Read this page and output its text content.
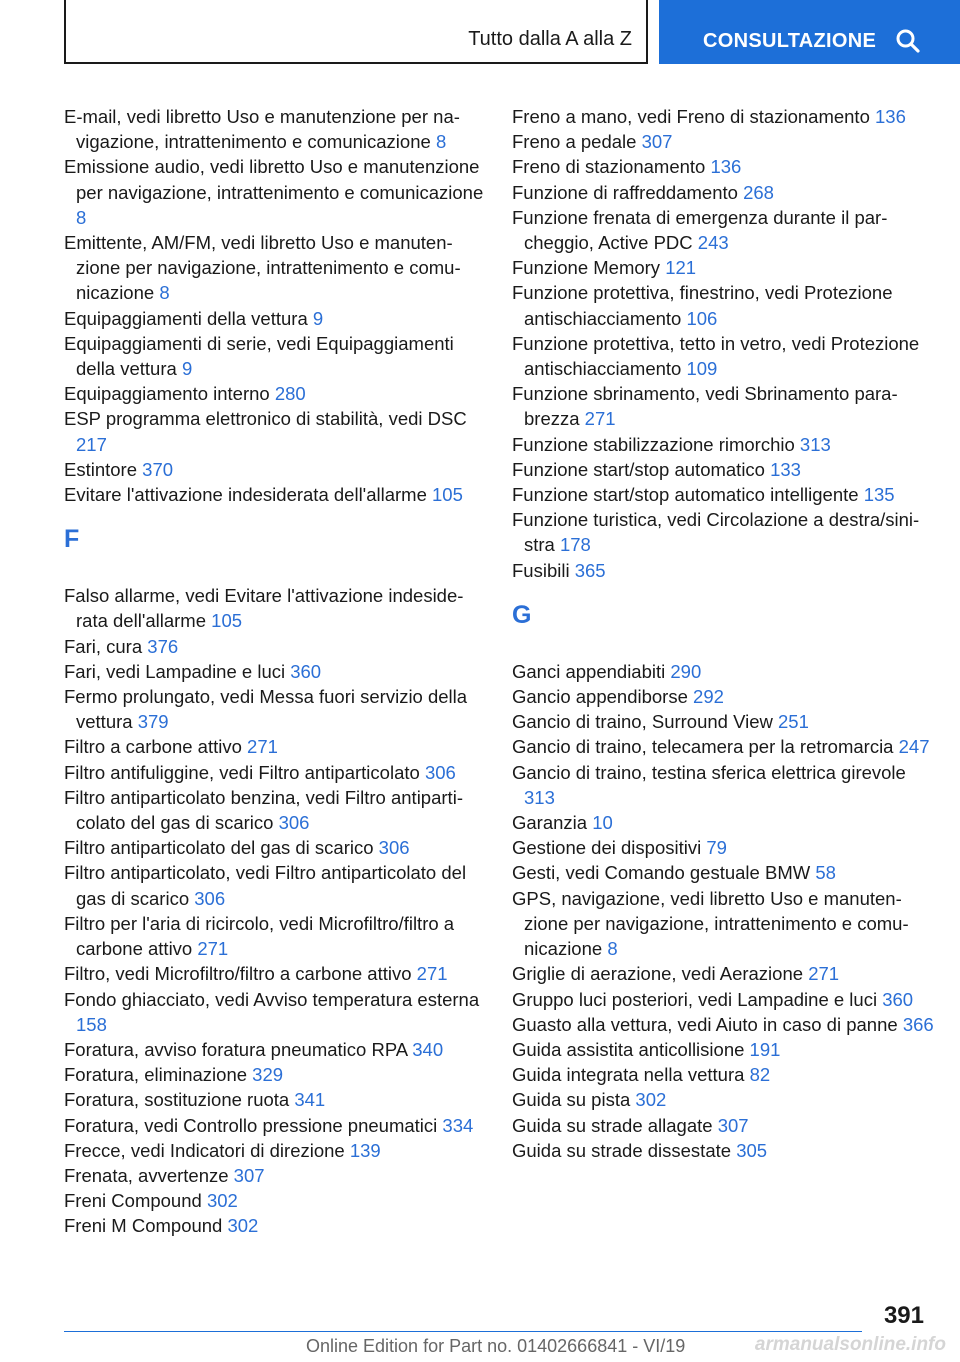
Tutto dalla A alla Z	CONSULTAZIONE

E-mail, vedi libretto Uso e manutenzione per navigazione, intrattenimento e comunicazione 8

Emissione audio, vedi libretto Uso e manutenzione per navigazione, intrattenimento e comunicazione 8

Emittente, AM/FM, vedi libretto Uso e manutenzione per navigazione, intrattenimento e comunicazione 8

Equipaggiamenti della vettura 9

Equipaggiamenti di serie, vedi Equipaggiamenti della vettura 9

Equipaggiamento interno 280

ESP programma elettronico di stabilità, vedi DSC 217

Estintore 370

Evitare l'attivazione indesiderata dell'allarme 105

F

Falso allarme, vedi Evitare l'attivazione indesiderata dell'allarme 105

Fari, cura 376

Fari, vedi Lampadine e luci 360

Fermo prolungato, vedi Messa fuori servizio della vettura 379

Filtro a carbone attivo 271

Filtro antifuliggine, vedi Filtro antiparticolato 306

Filtro antiparticolato benzina, vedi Filtro antiparticolato del gas di scarico 306

Filtro antiparticolato del gas di scarico 306

Filtro antiparticolato, vedi Filtro antiparticolato del gas di scarico 306

Filtro per l'aria di ricircolo, vedi Microfiltro/filtro a carbone attivo 271

Filtro, vedi Microfiltro/filtro a carbone attivo 271

Fondo ghiacciato, vedi Avviso temperatura esterna 158

Foratura, avviso foratura pneumatico RPA 340

Foratura, eliminazione 329

Foratura, sostituzione ruota 341

Foratura, vedi Controllo pressione pneumatici 334

Frecce, vedi Indicatori di direzione 139

Frenata, avvertenze 307

Freni Compound 302

Freni M Compound 302

Freno a mano, vedi Freno di stazionamento 136

Freno a pedale 307

Freno di stazionamento 136

Funzione di raffreddamento 268

Funzione frenata di emergenza durante il parcheggio, Active PDC 243

Funzione Memory 121

Funzione protettiva, finestrino, vedi Protezione antischiacciamento 106

Funzione protettiva, tetto in vetro, vedi Protezione antischiacciamento 109

Funzione sbrinamento, vedi Sbrinamento parabrezza 271

Funzione stabilizzazione rimorchio 313

Funzione start/stop automatico 133

Funzione start/stop automatico intelligente 135

Funzione turistica, vedi Circolazione a destra/sinistra 178

Fusibili 365

G

Ganci appendiabiti 290

Gancio appendiborse 292

Gancio di traino, Surround View 251

Gancio di traino, telecamera per la retromarcia 247

Gancio di traino, testina sferica elettrica girevole 313

Garanzia 10

Gestione dei dispositivi 79

Gesti, vedi Comando gestuale BMW 58

GPS, navigazione, vedi libretto Uso e manutenzione per navigazione, intrattenimento e comunicazione 8

Griglie di aerazione, vedi Aerazione 271

Gruppo luci posteriori, vedi Lampadine e luci 360

Guasto alla vettura, vedi Aiuto in caso di panne 366

Guida assistita anticollisione 191

Guida integrata nella vettura 82

Guida su pista 302

Guida su strade allagate 307

Guida su strade dissestate 305

391
Online Edition for Part no. 01402666841 - VI/19	armanualsonline.info
